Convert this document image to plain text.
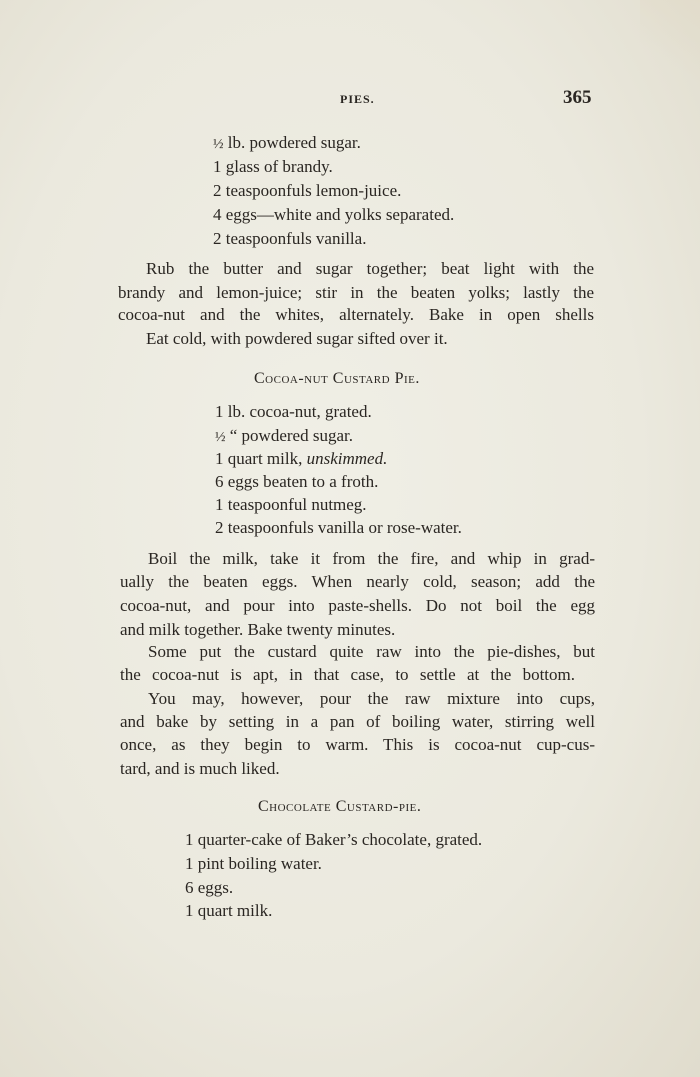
PIES.	365
½ lb. powdered sugar.
1 glass of brandy.
2 teaspoonfuls lemon-juice.
4 eggs—white and yolks separated.
2 teaspoonfuls vanilla.
Rub the butter and sugar together; beat light with the
brandy and lemon-juice; stir in the beaten yolks; lastly the
cocoa-nut and the whites, alternately. Bake in open shells
Eat cold, with powdered sugar sifted over it.
Cocoa-nut Custard Pie.
1 lb. cocoa-nut, grated.
½ “ powdered sugar.
1 quart milk, unskimmed.
6 eggs beaten to a froth.
1 teaspoonful nutmeg.
2 teaspoonfuls vanilla or rose-water.
Boil the milk, take it from the fire, and whip in grad-
ually the beaten eggs. When nearly cold, season; add the
cocoa-nut, and pour into paste-shells. Do not boil the egg
and milk together. Bake twenty minutes.
Some put the custard quite raw into the pie-dishes, but
the cocoa-nut is apt, in that case, to settle at the bottom.
You may, however, pour the raw mixture into cups,
and bake by setting in a pan of boiling water, stirring well
once, as they begin to warm. This is cocoa-nut cup-cus-
tard, and is much liked.
Chocolate Custard-pie.
1 quarter-cake of Baker’s chocolate, grated.
1 pint boiling water.
6 eggs.
1 quart milk.
